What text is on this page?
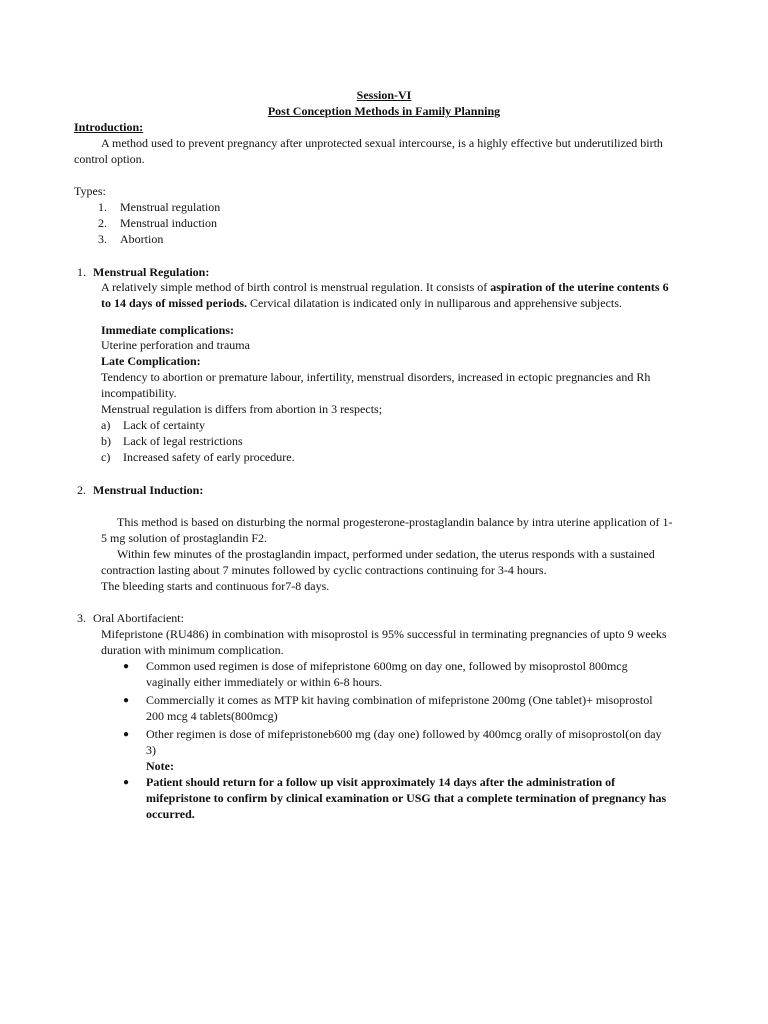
Session-VI
Post Conception Methods in Family Planning
Introduction:
A method used to prevent pregnancy after unprotected sexual intercourse, is a highly effective but underutilized birth
control option.
Types:
1. Menstrual regulation
2. Menstrual induction
3. Abortion
1. Menstrual Regulation:
A relatively simple method of birth control is menstrual regulation. It consists of aspiration of the uterine contents 6
to 14 days of missed periods. Cervical dilatation is indicated only in nulliparous and apprehensive subjects.
Immediate complications:
Uterine perforation and trauma
Late Complication:
Tendency to abortion or premature labour, infertility, menstrual disorders, increased in ectopic pregnancies and Rh
incompatibility.
Menstrual regulation is differs from abortion in 3 respects;
a) Lack of certainty
b) Lack of legal restrictions
c) Increased safety of early procedure.
2. Menstrual Induction:
This method is based on disturbing the normal progesterone-prostaglandin balance by intra uterine application of 1-
5 mg solution of prostaglandin F2.
Within few minutes of the prostaglandin impact, performed under sedation, the uterus responds with a sustained
contraction lasting about 7 minutes followed by cyclic contractions continuing for 3-4 hours.
The bleeding starts and continuous for7-8 days.
3. Oral Abortifacient:
Mifepristone (RU486) in combination with misoprostol is 95% successful in terminating pregnancies of upto 9 weeks
duration with minimum complication.
● Common used regimen is dose of mifepristone 600mg on day one, followed by misoprostol 800mcg
vaginally either immediately or within 6-8 hours.
● Commercially it comes as MTP kit having combination of mifepristone 200mg (One tablet)+ misoprostol
200 mcg 4 tablets(800mcg)
● Other regimen is dose of mifepristoneb600 mg (day one) followed by 400mcg orally of misoprostol(on day
3)
Note:
● Patient should return for a follow up visit approximately 14 days after the administration of
mifepristone to confirm by clinical examination or USG that a complete termination of pregnancy has
occurred.
